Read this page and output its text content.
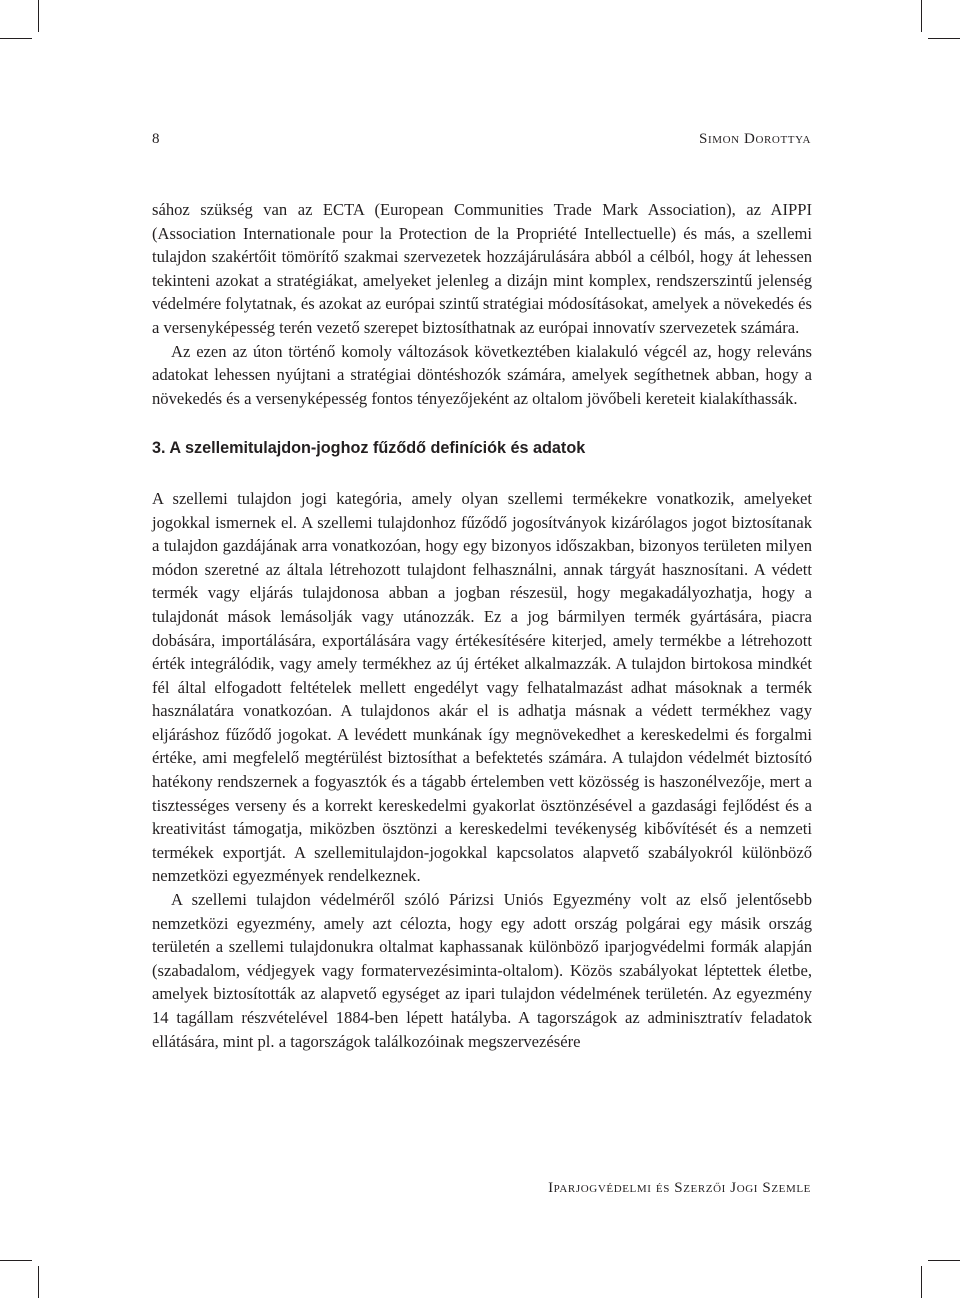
8	Simon Dorottya

sához szükség van az ECTA (European Communities Trade Mark Association), az AIPPI (Association Internationale pour la Protection de la Propriété Intellectuelle) és más, a szellemi tulajdon szakértőit tömörítő szakmai szervezetek hozzájárulására abból a célból, hogy át lehessen tekinteni azokat a stratégiákat, amelyeket jelenleg a dizájn mint komplex, rendszerszintű jelenség védelmére folytatnak, és azokat az európai szintű stratégiai módosításokat, amelyek a növekedés és a versenyképesség terén vezető szerepet biztosíthatnak az európai innovatív szervezetek számára.

Az ezen az úton történő komoly változások következtében kialakuló végcél az, hogy releváns adatokat lehessen nyújtani a stratégiai döntéshozók számára, amelyek segíthetnek abban, hogy a növekedés és a versenyképesség fontos tényezőjeként az oltalom jövőbeli kereteit kialakíthassák.

3. A szellemitulajdon-joghoz fűződő definíciók és adatok

A szellemi tulajdon jogi kategória, amely olyan szellemi termékekre vonatkozik, amelyeket jogokkal ismernek el. A szellemi tulajdonhoz fűződő jogosítványok kizárólagos jogot biztosítanak a tulajdon gazdájának arra vonatkozóan, hogy egy bizonyos időszakban, bizonyos területen milyen módon szeretné az általa létrehozott tulajdont felhasználni, annak tárgyát hasznosítani. A védett termék vagy eljárás tulajdonosa abban a jogban részesül, hogy megakadályozhatja, hogy a tulajdonát mások lemásolják vagy utánozzák. Ez a jog bármilyen termék gyártására, piacra dobására, importálására, exportálására vagy értékesítésére kiterjed, amely termékbe a létrehozott érték integrálódik, vagy amely termékhez az új értéket alkalmazzák. A tulajdon birtokosa mindkét fél által elfogadott feltételek mellett engedélyt vagy felhatalmazást adhat másoknak a termék használatára vonatkozóan. A tulajdonos akár el is adhatja másnak a védett termékhez vagy eljáráshoz fűződő jogokat. A levédett munkának így megnövekedhet a kereskedelmi és forgalmi értéke, ami megfelelő megtérülést biztosíthat a befektetés számára. A tulajdon védelmét biztosító hatékony rendszernek a fogyasztók és a tágabb értelemben vett közösség is haszonélvezője, mert a tisztességes verseny és a korrekt kereskedelmi gyakorlat ösztönzésével a gazdasági fejlődést és a kreativitást támogatja, miközben ösztönzi a kereskedelmi tevékenység kibővítését és a nemzeti termékek exportját. A szellemitulajdon-jogokkal kapcsolatos alapvető szabályokról különböző nemzetközi egyezmények rendelkeznek.

A szellemi tulajdon védelméről szóló Párizsi Uniós Egyezmény volt az első jelentősebb nemzetközi egyezmény, amely azt célozta, hogy egy adott ország polgárai egy másik ország területén a szellemi tulajdonukra oltalmat kaphassanak különböző iparjogvédelmi formák alapján (szabadalom, védjegyek vagy formatervezésiminta-oltalom). Közös szabályokat léptettek életbe, amelyek biztosították az alapvető egységet az ipari tulajdon védelmének területén. Az egyezmény 14 tagállam részvételével 1884-ben lépett hatályba. A tagországok az adminisztratív feladatok ellátására, mint pl. a tagországok találkozóinak megszervezésére

Iparjogvédelmi és Szerzői Jogi Szemle
